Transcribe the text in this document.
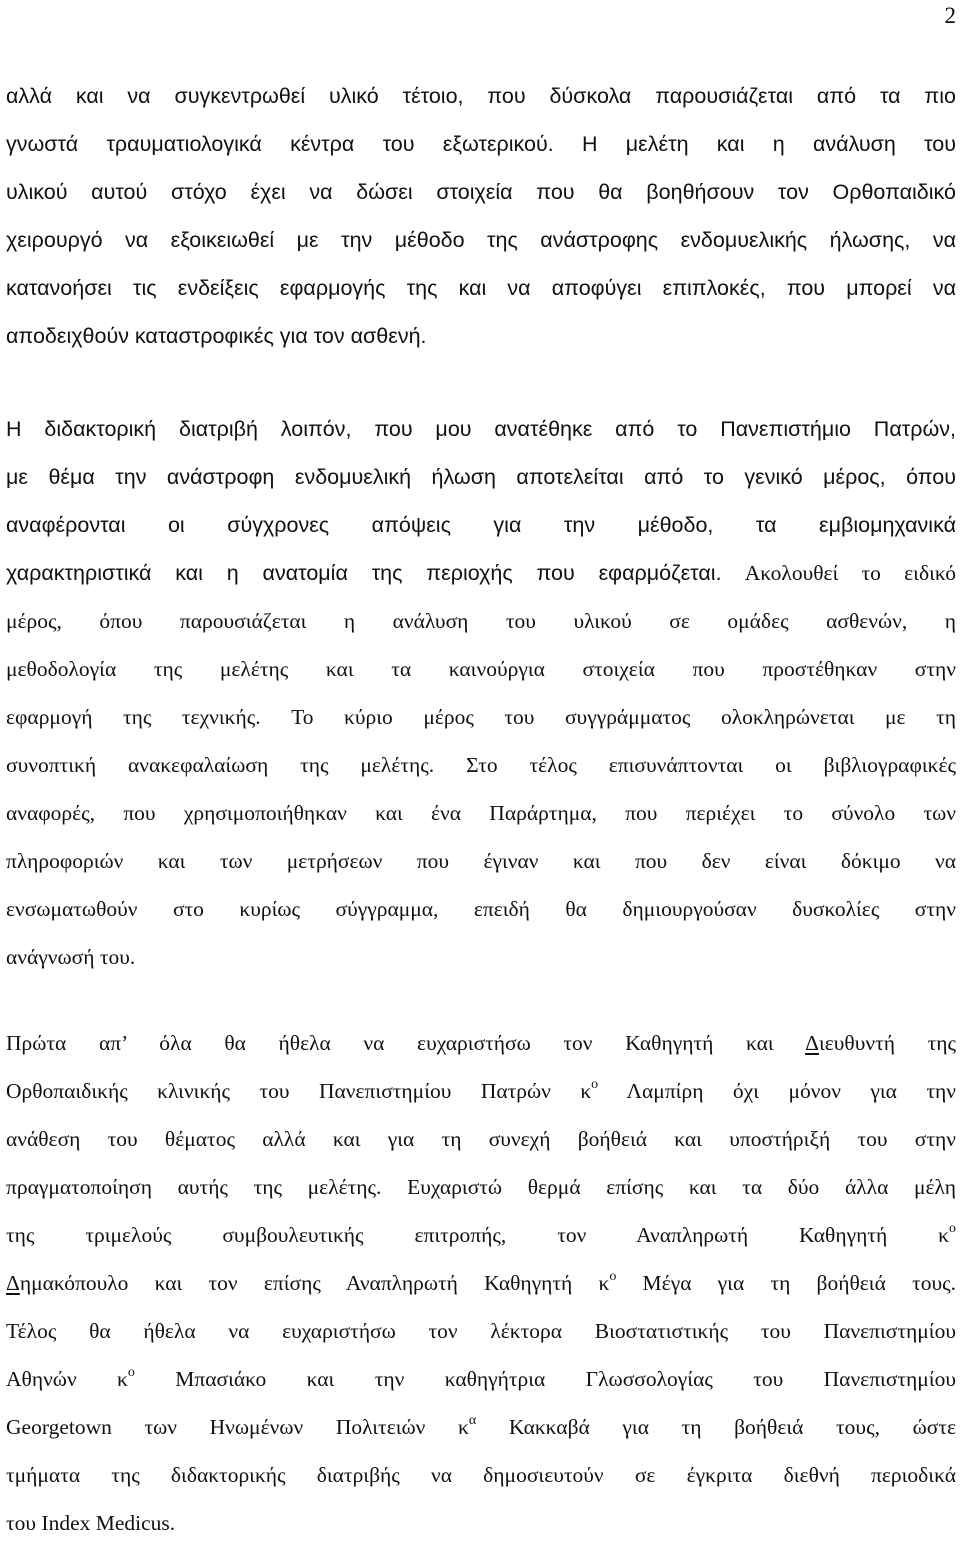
2
αλλά και να συγκεντρωθεί υλικό τέτοιο, που δύσκολα παρουσιάζεται από τα πιο
γνωστά τραυματιολογικά κέντρα του εξωτερικού. Η μελέτη και η ανάλυση του
υλικού αυτού στόχο έχει να δώσει στοιχεία που θα βοηθήσουν τον Ορθοπαιδικό
χειρουργό να εξοικειωθεί με την μέθοδο της ανάστροφης ενδομυελικής ήλωσης, να
κατανοήσει τις ενδείξεις εφαρμογής της και να αποφύγει επιπλοκές, που μπορεί να
αποδειχθούν καταστροφικές για τον ασθενή.
Η διδακτορική διατριβή λοιπόν, που μου ανατέθηκε από το Πανεπιστήμιο Πατρών,
με θέμα την ανάστροφη ενδομυελική ήλωση αποτελείται από το γενικό μέρος, όπου
αναφέρονται οι σύγχρονες απόψεις για την μέθοδο, τα εμβιομηχανικά
χαρακτηριστικά και η ανατομία της περιοχής που εφαρμόζεται. Ακολουθεί το ειδικό
μέρος, όπου παρουσιάζεται η ανάλυση του υλικού σε ομάδες ασθενών, η
μεθοδολογία της μελέτης και τα καινούργια στοιχεία που προστέθηκαν στην
εφαρμογή της τεχνικής. Το κύριο μέρος του συγγράμματος ολοκληρώνεται με τη
συνοπτική ανακεφαλαίωση της μελέτης. Στο τέλος επισυνάπτονται οι βιβλιογραφικές
αναφορές, που χρησιμοποιήθηκαν και ένα Παράρτημα, που περιέχει το σύνολο των
πληροφοριών και των μετρήσεων που έγιναν και που δεν είναι δόκιμο να
ενσωματωθούν στο κυρίως σύγγραμμα, επειδή θα δημιουργούσαν δυσκολίες στην
ανάγνωσή του.
Πρώτα απ’ όλα θα ήθελα να ευχαριστήσω τον Καθηγητή και Διευθυντή της
Ορθοπαιδικής κλινικής του Πανεπιστημίου Πατρών $\kappa^o$ Λαμπίρη όχι μόνον για την
ανάθεση του θέματος αλλά και για τη συνεχή βοήθειά και υποστήριξή του στην
πραγματοποίηση αυτής της μελέτης. Ευχαριστώ θερμά επίσης και τα δύο άλλα μέλη
της τριμελούς συμβουλευτικής επιτροπής, τον Αναπληρωτή Καθηγητή $\kappa^o$
Δημακόπουλο και τον επίσης Αναπληρωτή Καθηγητή $\kappa^o$ Μέγα για τη βοήθειά τους.
Τέλος θα ήθελα να ευχαριστήσω τον λέκτορα Βιοστατιστικής του Πανεπιστημίου
Αθηνών $\kappa^o$ Μπασιάκο και την καθηγήτρια Γλωσσολογίας του Πανεπιστημίου
Georgetown των Ηνωμένων Πολιτειών $\kappa^\alpha$ Κακκαβά για τη βοήθειά τους, ώστε
τμήματα της διδακτορικής διατριβής να δημοσιευτούν σε έγκριτα διεθνή περιοδικά
του Index Medicus.
